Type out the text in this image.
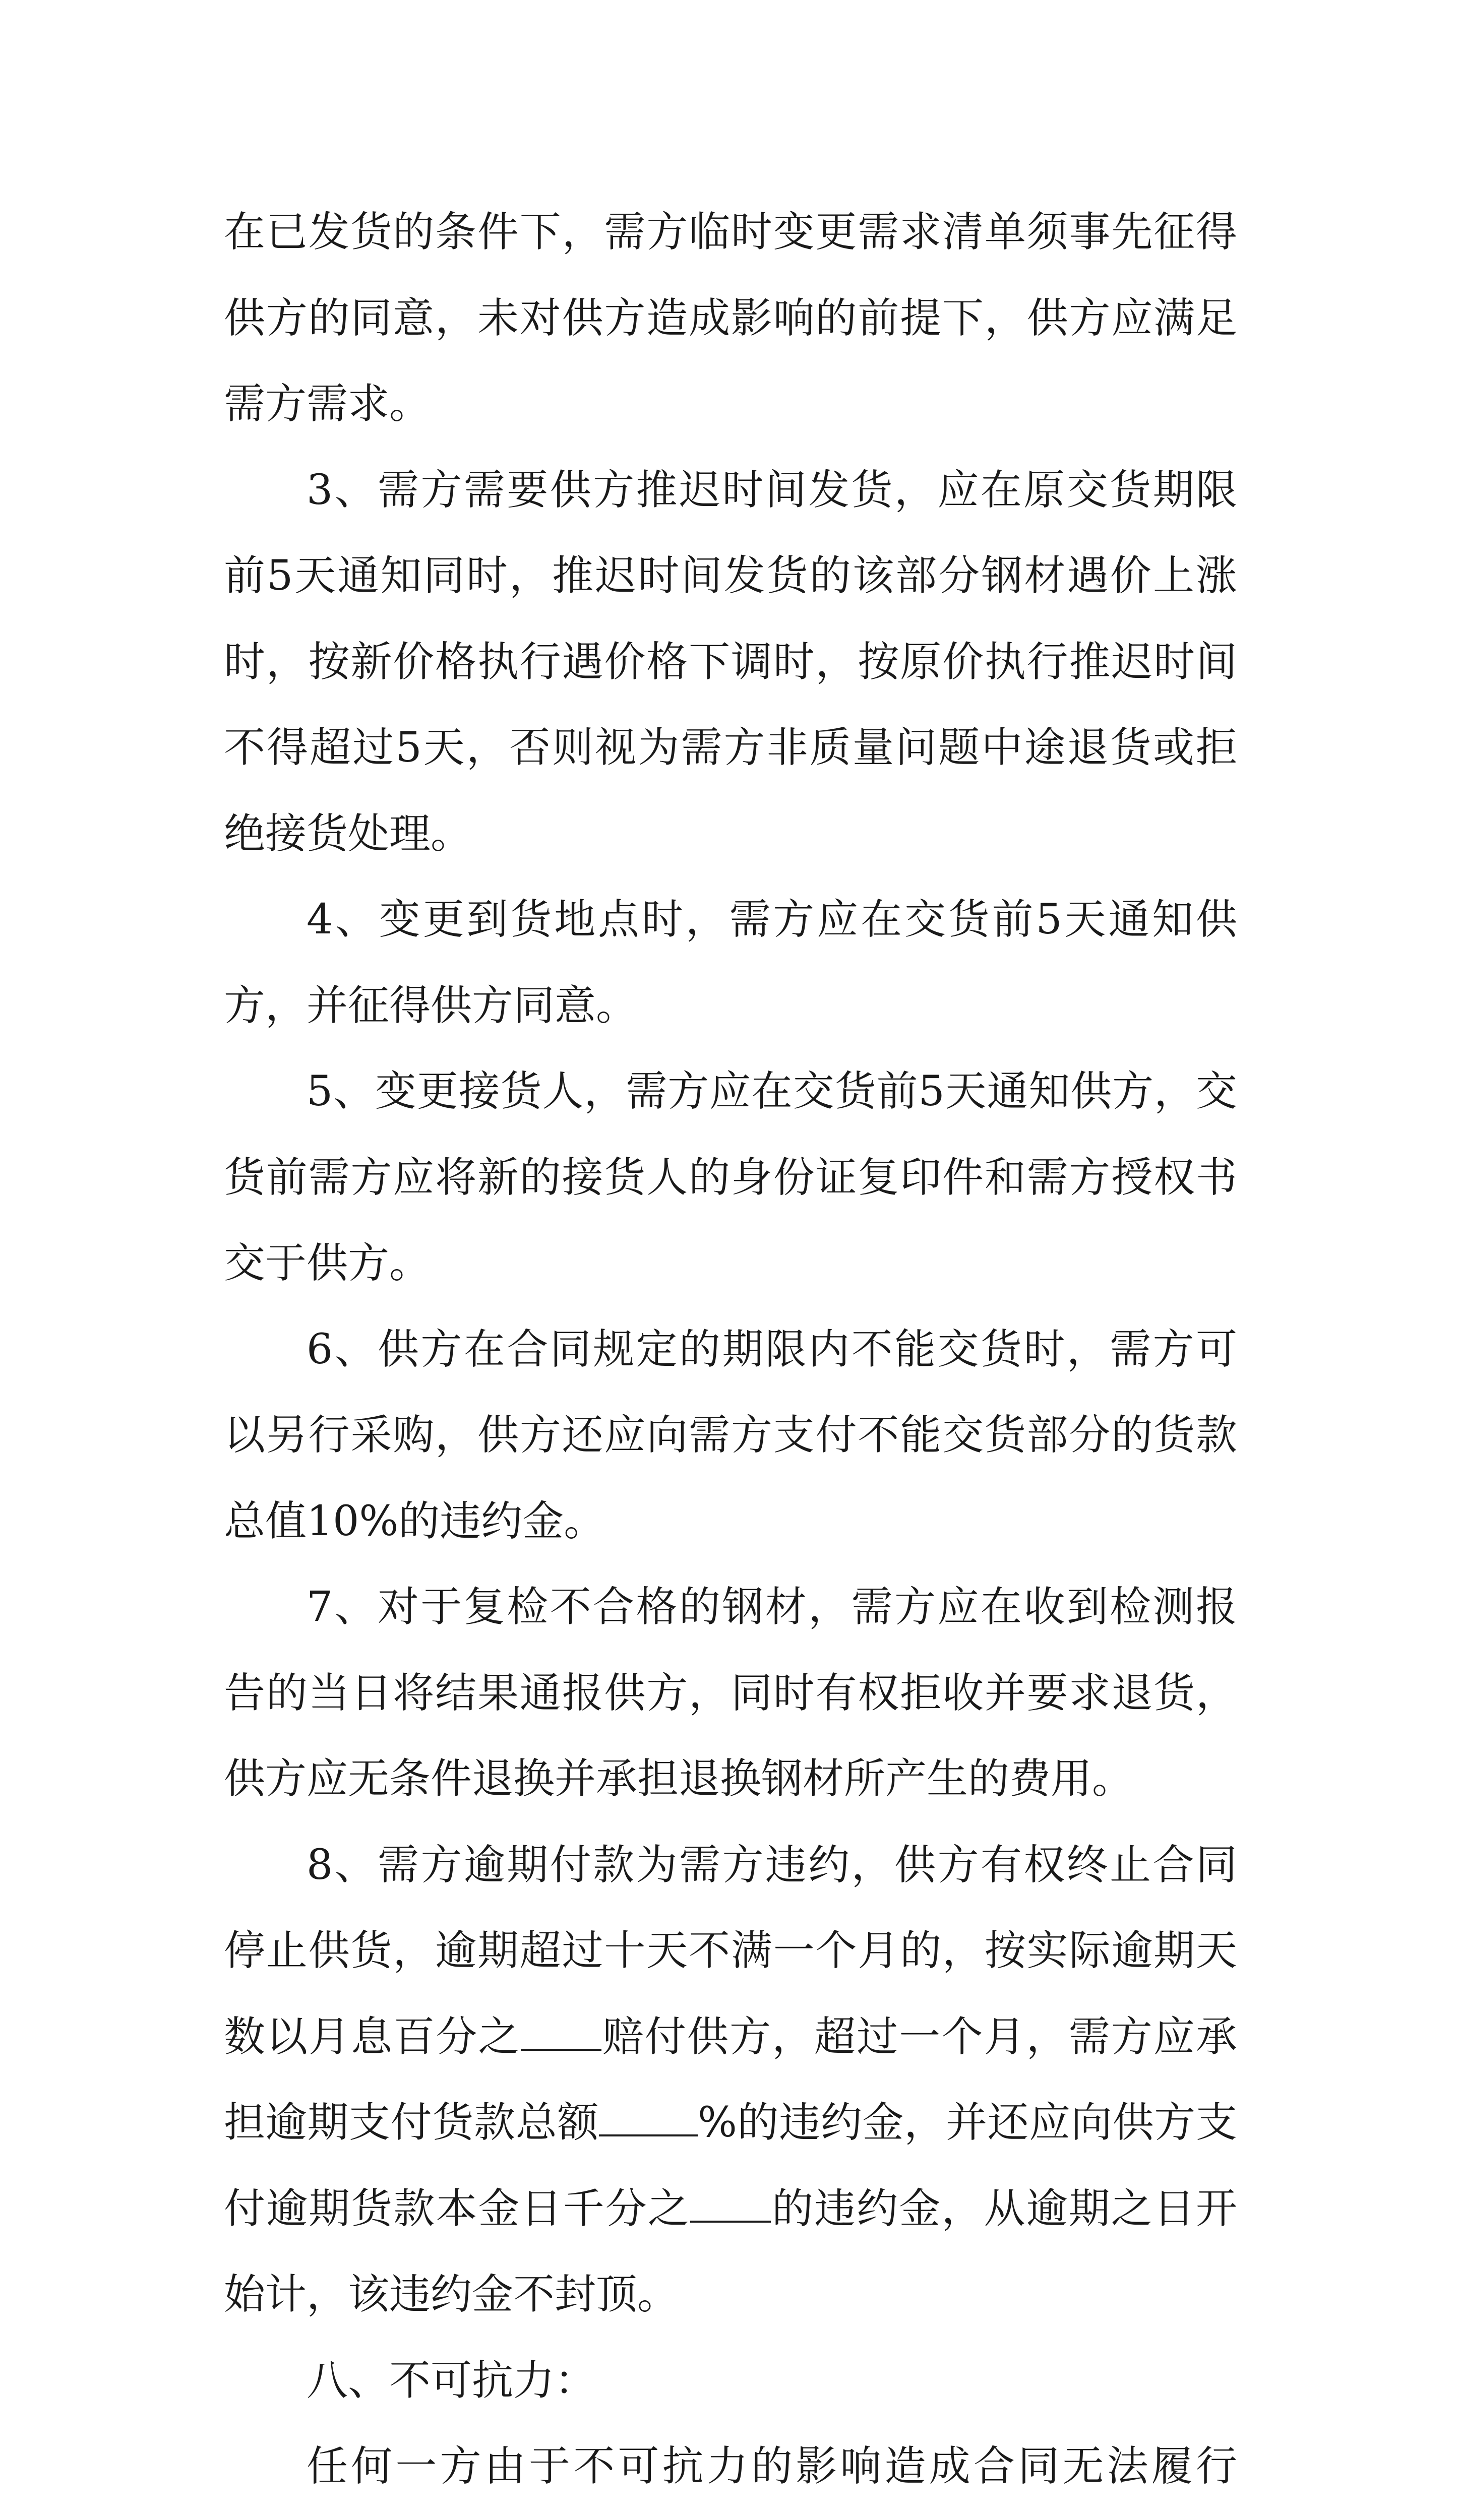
在已发货的条件下，需方临时变更需求清单须事先征得供方的同意，未对供方造成影响的前提下，供方应满足需方需求。

3、需方需要供方推迟时间发货，应在原交货期限前5天通知同时，推迟时间发货的该部分钢材遇价上涨时，按新价格执行遇价格下调时，按原价执行推迟时间不得超过5天，否则视为需方非质量问题中途退货或拒绝接货处理。

4、变更到货地点时，需方应在交货前5天通知供方，并征得供方同意。

5、变更接货人，需方应在交货前5天通知供方，交货前需方应将新的接货人的身份证复印件和需方授权书交于供方。

6、供方在合同规定的期限内不能交货时，需方可以另行采购，供方还应向需方支付不能交货部分的货款总值10%的违约金。

7、对于复检不合格的钢材，需方应在收到检测报告的当日将结果通报供方，同时有权拒收并要求退货，供方应无条件退换并承担退换钢材所产生的费用。

8、需方逾期付款为需方违约，供方有权终止合同停止供货，逾期超过十天不满一个月的，按实际逾期天数以月息百分之 赔付供方，超过一个月，需方应承担逾期支付货款总额 %的违约金，并还应向供方支付逾期货款本金日千分之 的违约金，从逾期之日开始计，该违约金不封顶。

八、不可抗力：

任何一方由于不可抗力的影响造成合同无法履行
